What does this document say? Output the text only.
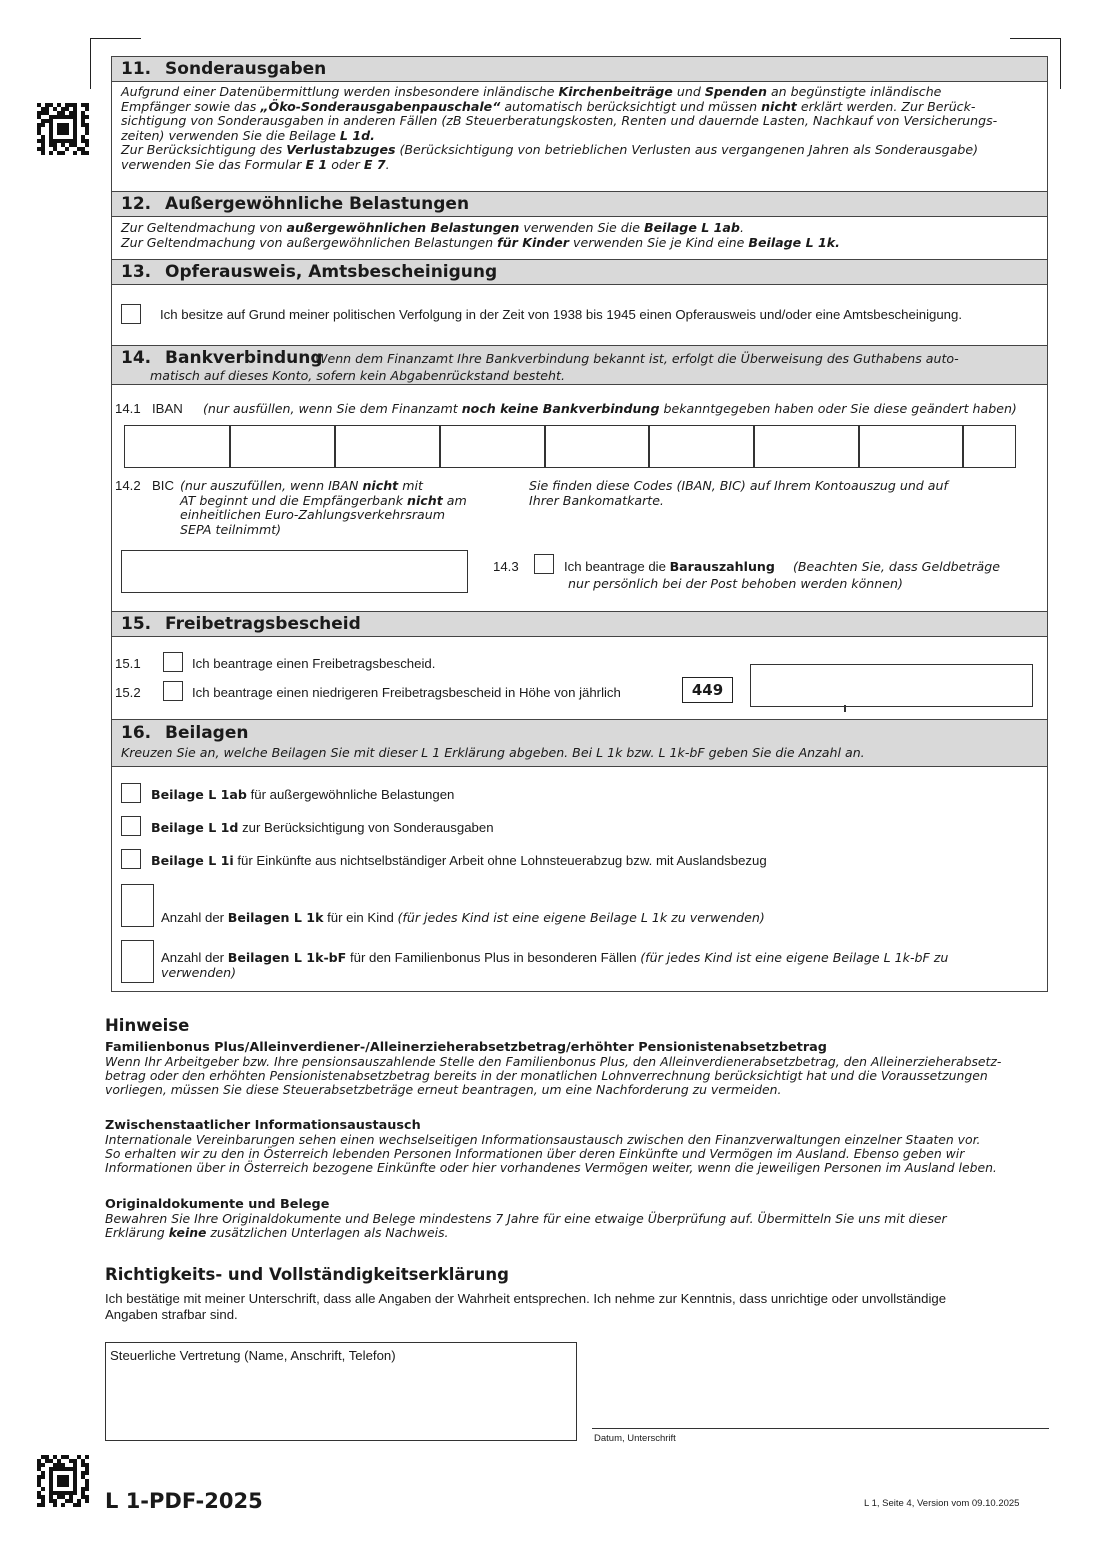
11. Sonderausgaben
Aufgrund einer Datenübermittlung werden insbesondere inländische Kirchenbeiträge und Spenden an begünstigte inländische
Empfänger sowie das „Öko-Sonderausgabenpauschale“ automatisch berücksichtigt und müssen nicht erklärt werden. Zur Berück-
sichtigung von Sonderausgaben in anderen Fällen (zB Steuerberatungskosten, Renten und dauernde Lasten, Nachkauf von Versicherungs-
zeiten) verwenden Sie die Beilage L 1d.
Zur Berücksichtigung des Verlustabzuges (Berücksichtigung von betrieblichen Verlusten aus vergangenen Jahren als Sonderausgabe)
verwenden Sie das Formular E 1 oder E 7.
12. Außergewöhnliche Belastungen
Zur Geltendmachung von außergewöhnlichen Belastungen verwenden Sie die Beilage L 1ab.
Zur Geltendmachung von außergewöhnlichen Belastungen für Kinder verwenden Sie je Kind eine Beilage L 1k.
13. Opferausweis, Amtsbescheinigung
Ich besitze auf Grund meiner politischen Verfolgung in der Zeit von 1938 bis 1945 einen Opferausweis und/oder eine Amtsbescheinigung.
14. Bankverbindung
Wenn dem Finanzamt Ihre Bankverbindung bekannt ist, erfolgt die Überweisung des Guthabens auto-
matisch auf dieses Konto, sofern kein Abgabenrückstand besteht.
14.1 IBAN (nur ausfüllen, wenn Sie dem Finanzamt noch keine Bankverbindung bekanntgegeben haben oder Sie diese geändert haben)
14.2 BIC (nur auszufüllen, wenn IBAN nicht mit
AT beginnt und die Empfängerbank nicht am
einheitlichen Euro-Zahlungsverkehrsraum
SEPA teilnimmt)
Sie finden diese Codes (IBAN, BIC) auf Ihrem Kontoauszug und auf
Ihrer Bankomatkarte.
14.3	Ich beantrage die Barauszahlung (Beachten Sie, dass Geldbeträge
nur persönlich bei der Post behoben werden können)
15. Freibetragsbescheid
15.1	Ich beantrage einen Freibetragsbescheid.
15.2	Ich beantrage einen niedrigeren Freibetragsbescheid in Höhe von jährlich	449
16. Beilagen
Kreuzen Sie an, welche Beilagen Sie mit dieser L 1 Erklärung abgeben. Bei L 1k bzw. L 1k-bF geben Sie die Anzahl an.
Beilage L 1ab für außergewöhnliche Belastungen
Beilage L 1d zur Berücksichtigung von Sonderausgaben
Beilage L 1i für Einkünfte aus nichtselbständiger Arbeit ohne Lohnsteuerabzug bzw. mit Auslandsbezug
Anzahl der Beilagen L 1k für ein Kind (für jedes Kind ist eine eigene Beilage L 1k zu verwenden)
Anzahl der Beilagen L 1k-bF für den Familienbonus Plus in besonderen Fällen (für jedes Kind ist eine eigene Beilage L 1k-bF zu
verwenden)
Hinweise
Familienbonus Plus/Alleinverdiener-/Alleinerzieherabsetzbetrag/erhöhter Pensionistenabsetzbetrag
Wenn Ihr Arbeitgeber bzw. Ihre pensionsauszahlende Stelle den Familienbonus Plus, den Alleinverdienerabsetzbetrag, den Alleinerzieherabsetz-
betrag oder den erhöhten Pensionistenabsetzbetrag bereits in der monatlichen Lohnverrechnung berücksichtigt hat und die Voraussetzungen
vorliegen, müssen Sie diese Steuerabsetzbeträge erneut beantragen, um eine Nachforderung zu vermeiden.
Zwischenstaatlicher Informationsaustausch
Internationale Vereinbarungen sehen einen wechselseitigen Informationsaustausch zwischen den Finanzverwaltungen einzelner Staaten vor.
So erhalten wir zu den in Österreich lebenden Personen Informationen über deren Einkünfte und Vermögen im Ausland. Ebenso geben wir
Informationen über in Österreich bezogene Einkünfte oder hier vorhandenes Vermögen weiter, wenn die jeweiligen Personen im Ausland leben.
Originaldokumente und Belege
Bewahren Sie Ihre Originaldokumente und Belege mindestens 7 Jahre für eine etwaige Überprüfung auf. Übermitteln Sie uns mit dieser
Erklärung keine zusätzlichen Unterlagen als Nachweis.
Richtigkeits- und Vollständigkeitserklärung
Ich bestätige mit meiner Unterschrift, dass alle Angaben der Wahrheit entsprechen. Ich nehme zur Kenntnis, dass unrichtige oder unvollständige
Angaben strafbar sind.
Steuerliche Vertretung (Name, Anschrift, Telefon)
Datum, Unterschrift
L 1-PDF-2025	L 1, Seite 4, Version vom 09.10.2025
